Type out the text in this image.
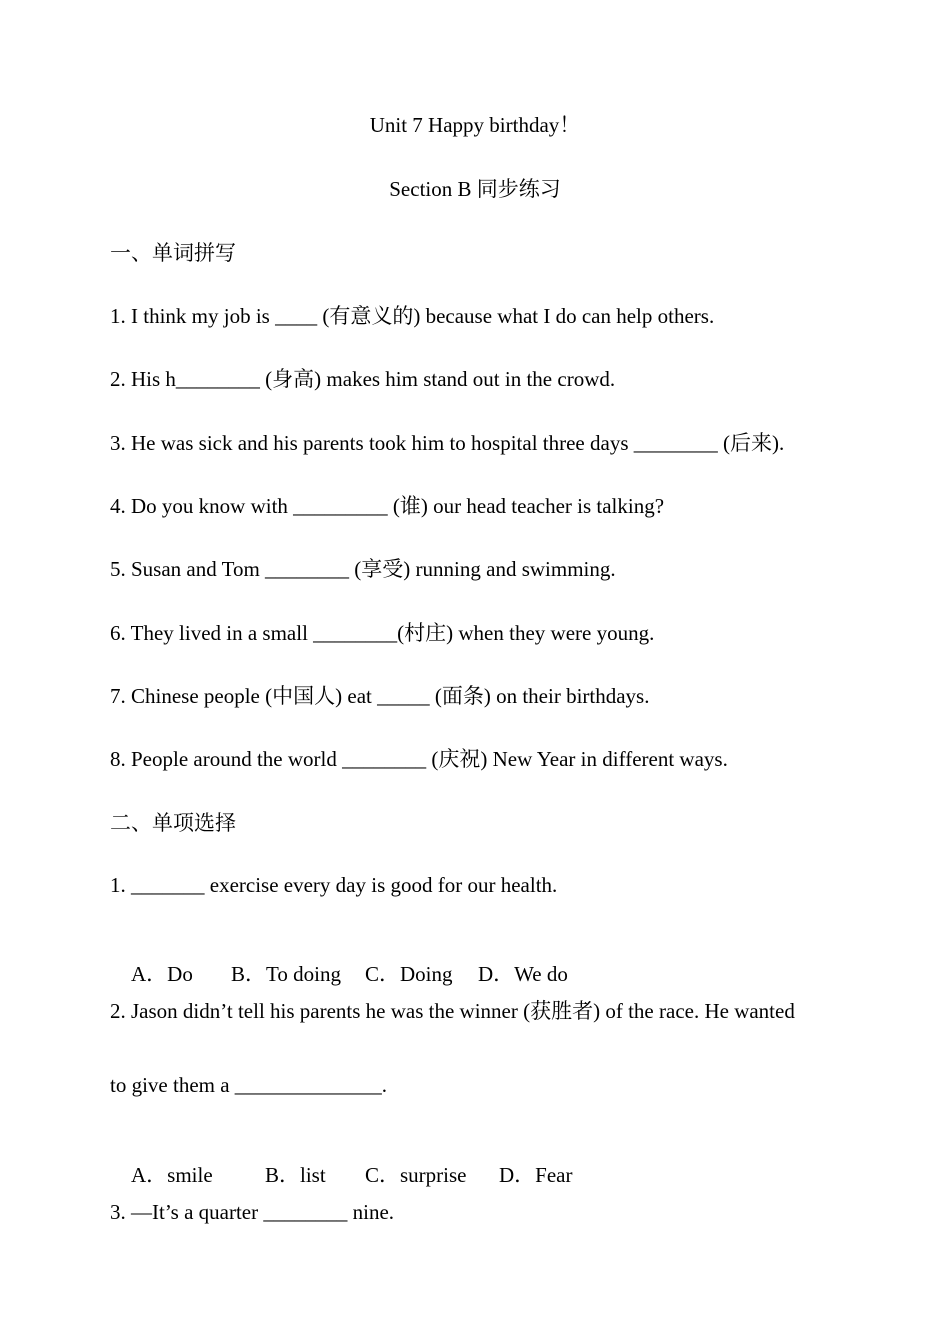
Unit 7 Happy birthday！
Section B 同步练习
一、单词拼写
1. I think my job is ____ (有意义的) because what I do can help others.
2. His h________ (身高) makes him stand out in the crowd.
3. He was sick and his parents took him to hospital three days ________ (后来).
4. Do you know with _________ (谁) our head teacher is talking?
5. Susan and Tom ________ (享受) running and swimming.
6. They lived in a small ________(村庄) when they were young.
7. Chinese people (中国人) eat _____ (面条) on their birthdays.
8. People around the world ________ (庆祝) New Year in different ways.
二、单项选择
1. _______ exercise every day is good for our health.

A．Do B．To doing C．Doing D．We do

2. Jason didn’t tell his parents he was the winner (获胜者) of the race. He wanted
to give them a ______________.

A．smile B．list C．surprise D．Fear

3. —It’s a quarter ________ nine.
